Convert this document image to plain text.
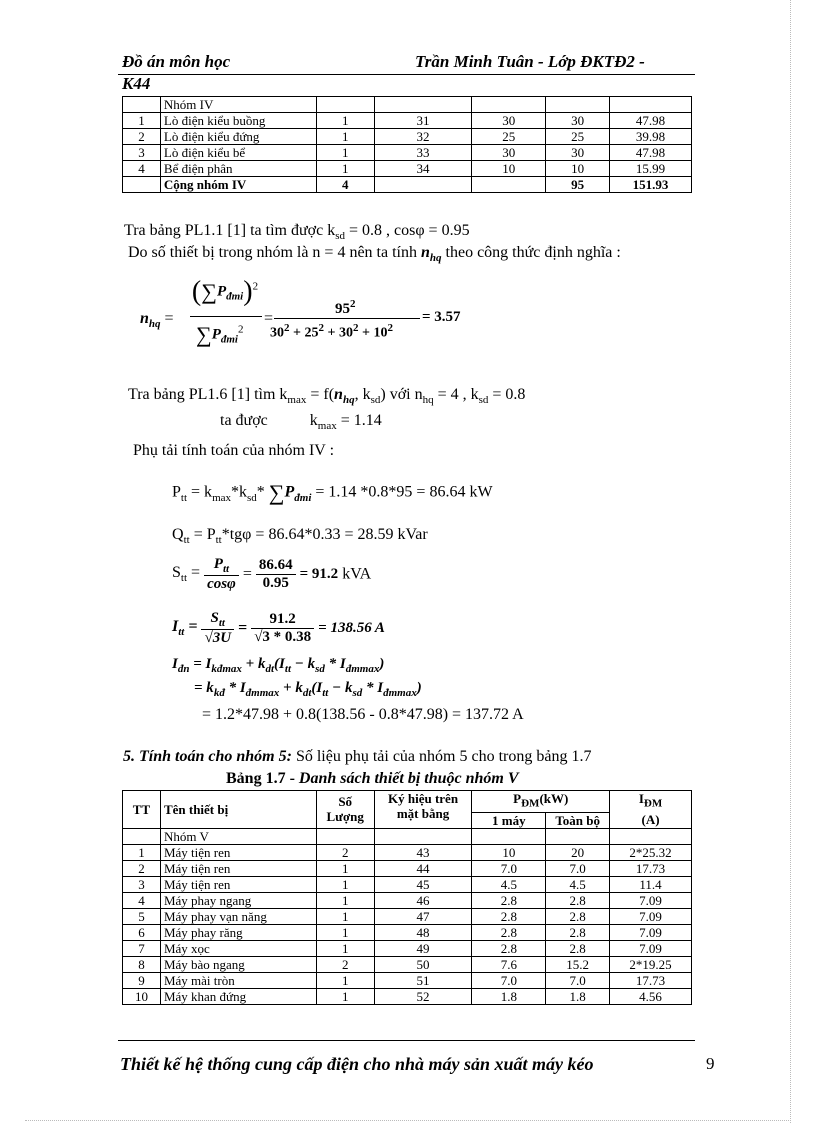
Đồ án môn học	Trần Minh Tuân - Lớp ĐKTĐ2 -
K44
	Nhóm IV					
1	Lò điện kiểu buồng	1	31	30	30	47.98
2	Lò điện kiểu đứng	1	32	25	25	39.98
3	Lò điện kiểu bể	1	33	30	30	47.98
4	Bể điện phân	1	34	10	10	15.99
	Cộng nhóm IV	4			95	151.93
Tra bảng PL1.1 [1] ta tìm được $k_{sd} = 0.8$ , cosφ = 0.95
Do số thiết bị trong nhóm là n = 4 nên ta tính $n_{hq}$ theo công thức định nghĩa :
$n_{hq}$ =
$(\sum P_{đmi})^2$
$\sum P_{đmi}^2$
=
$95^2$
$30^2 + 25^2 + 30^2 + 10^2$
= 3.57
Tra bảng PL1.6 [1] tìm $k_{max} = f(n_{hq}$, $k_{sd}$) với $n_{hq} = 4$ , $k_{sd} = 0.8$
ta được	$k_{max} = 1.14$
Phụ tải tính toán của nhóm IV :
$P_{tt} = k_{max}*k_{sd}*$ $\sum P_{đmi} = 1.14$ *0.8*95 = 86.64 kW
$Q_{tt} = P_{tt}*tg\varphi = 86.64*0.33 = 28.59$ kVar
$S_{tt} = \frac{P_{tt}}{\cos\varphi} = \frac{86.64}{0.95} = 91.2$ kVA
$I_{tt} = \frac{S_{tt}}{√3U} = \frac{91.2}{√3 * 0.38} = 138.56$ A
$I_{đn} = I_{kđmax} + k_{dt}(I_{tt} - k_{sd} * I_{đmmax})$
= $k_{kđ} * I_{đmmax} + k_{dt}(I_{tt} - k_{sd} * I_{đmmax})$
= 1.2*47.98 + 0.8(138.56 - 0.8*47.98) = 137.72 A
5. Tính toán cho nhóm 5: Số liệu phụ tải của nhóm 5 cho trong bảng 1.7
Bảng 1.7 - Danh sách thiết bị thuộc nhóm V
TT	Tên thiết bị	Số Lượng	Ký hiệu trên mặt bằng	$P_{ĐM}(kW)$		$I_{ĐM}$
(A)
				1 máy	Toàn bộ	
	Nhóm V					
1	Máy tiện ren	2	43	10	20	2*25.32
2	Máy tiện ren	1	44	7.0	7.0	17.73
3	Máy tiện ren	1	45	4.5	4.5	11.4
4	Máy phay ngang	1	46	2.8	2.8	7.09
5	Máy phay vạn năng	1	47	2.8	2.8	7.09
6	Máy phay răng	1	48	2.8	2.8	7.09
7	Máy xọc	1	49	2.8	2.8	7.09
8	Máy bào ngang	2	50	7.6	15.2	2*19.25
9	Máy mài tròn	1	51	7.0	7.0	17.73
10	Máy khan đứng	1	52	1.8	1.8	4.56
Thiết kế hệ thống cung cấp điện cho nhà máy sản xuất máy kéo	9
